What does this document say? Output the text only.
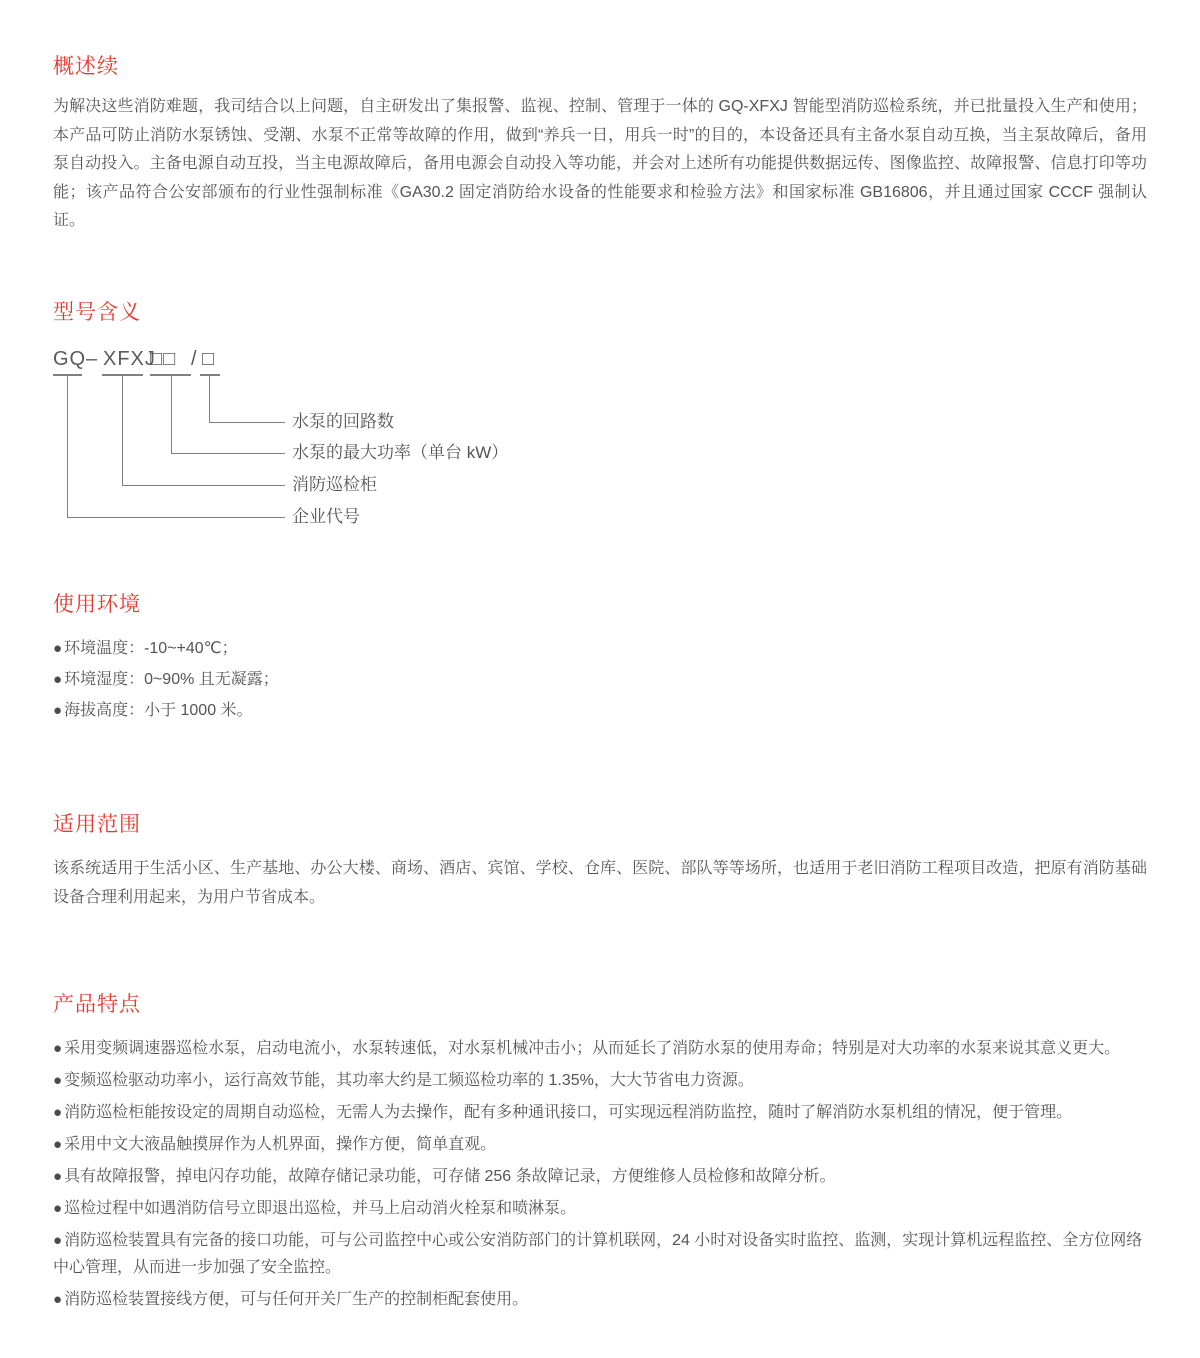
概述续

为解决这些消防难题，我司结合以上问题，自主研发出了集报警、监视、控制、管理于一体的 GQ-XFXJ 智能型消防巡检系统，并已批量投入生产和使用；本产品可防止消防水泵锈蚀、受潮、水泵不正常等故障的作用，做到“养兵一日，用兵一时”的目的，本设备还具有主备水泵自动互换，当主泵故障后，备用泵自动投入。主备电源自动互投，当主电源故障后，备用电源会自动投入等功能，并会对上述所有功能提供数据远传、图像监控、故障报警、信息打印等功能；该产品符合公安部颁布的行业性强制标准《GA30.2 固定消防给水设备的性能要求和检验方法》和国家标准 GB16806，并且通过国家 CCCF 强制认证。

型号含义
GQ – XFXJ
□□ / □
水泵的回路数
水泵的最大功率（单台 kW）
消防巡检柜
企业代号
使用环境
● 环境温度：-10~+40℃；
● 环境湿度：0~90% 且无凝露；
● 海拔高度：小于 1000 米。
适用范围

该系统适用于生活小区、生产基地、办公大楼、商场、酒店、宾馆、学校、仓库、医院、部队等等场所，也适用于老旧消防工程项目改造，把原有消防基础设备合理利用起来，为用户节省成本。

产品特点
● 采用变频调速器巡检水泵，启动电流小，水泵转速低，对水泵机械冲击小；从而延长了消防水泵的使用寿命；特别是对大功率的水泵来说其意义更大。
● 变频巡检驱动功率小，运行高效节能，其功率大约是工频巡检功率的 1.35%，大大节省电力资源。
● 消防巡检柜能按设定的周期自动巡检，无需人为去操作，配有多种通讯接口，可实现远程消防监控，随时了解消防水泵机组的情况，便于管理。
● 采用中文大液晶触摸屏作为人机界面，操作方便，简单直观。
● 具有故障报警，掉电闪存功能，故障存储记录功能，可存储 256 条故障记录，方便维修人员检修和故障分析。
● 巡检过程中如遇消防信号立即退出巡检，并马上启动消火栓泵和喷淋泵。
● 消防巡检装置具有完备的接口功能，可与公司监控中心或公安消防部门的计算机联网，24 小时对设备实时监控、监测，实现计算机远程监控、全方位网络中心管理，从而进一步加强了安全监控。
● 消防巡检装置接线方便，可与任何开关厂生产的控制柜配套使用。
